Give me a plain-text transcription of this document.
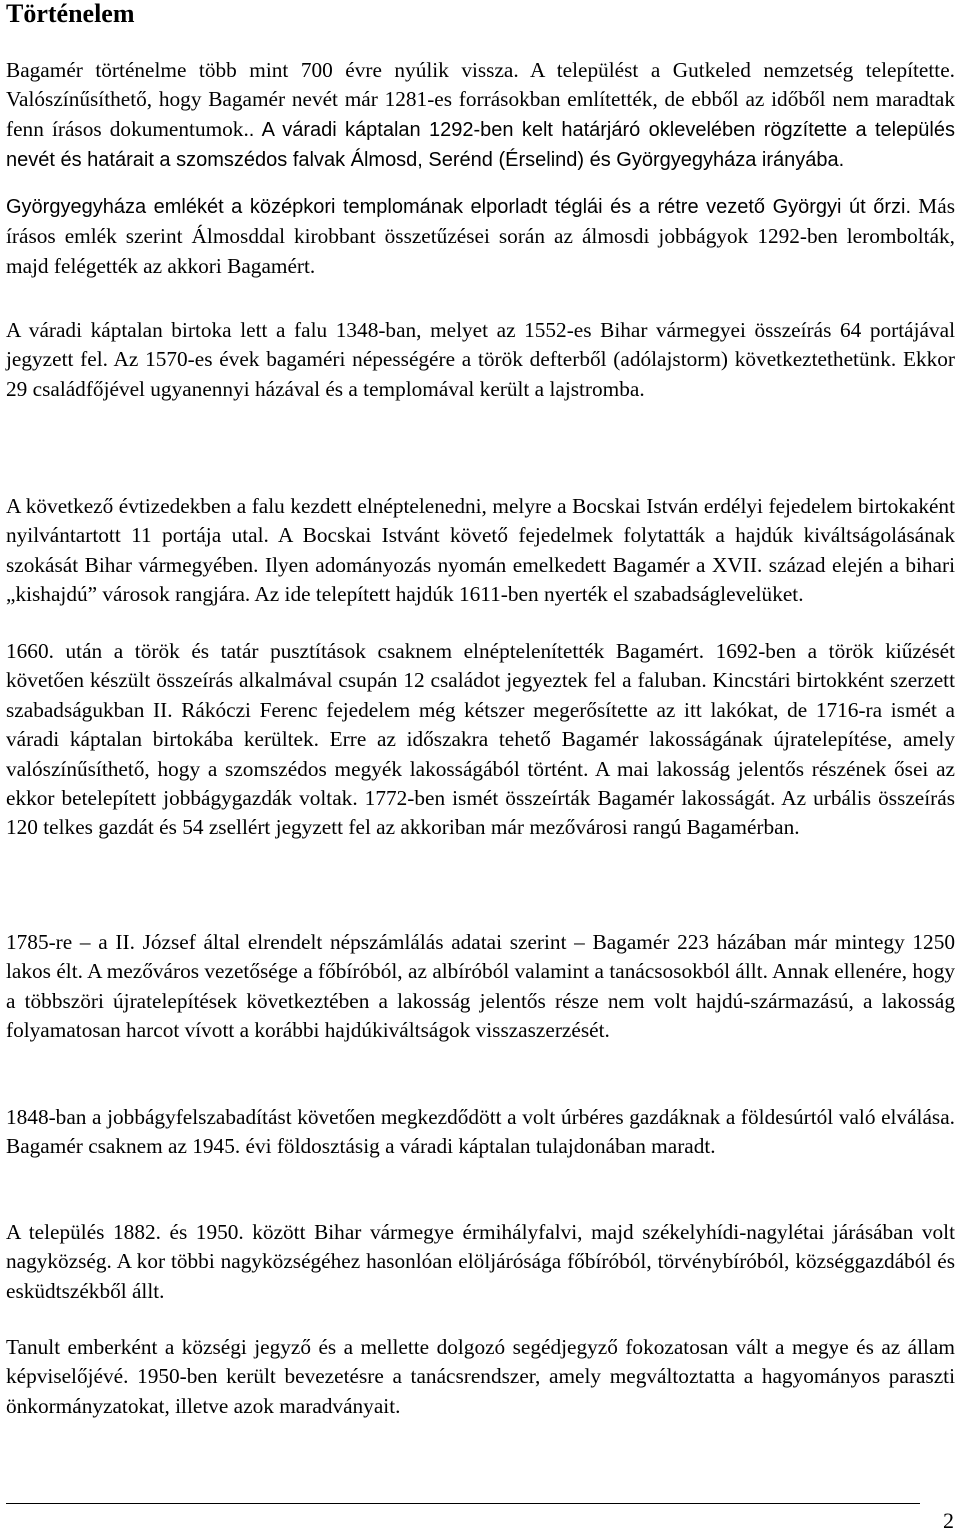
Történelem

Bagamér történelme több mint 700 évre nyúlik vissza. A települést a Gutkeled nemzetség telepítette. Valószínűsíthető, hogy Bagamér nevét már 1281-es forrásokban említették, de ebből az időből nem maradtak fenn írásos dokumentumok.. A váradi káptalan 1292-ben kelt határjáró oklevelében rögzítette a település nevét és határait a szomszédos falvak Álmosd, Serénd (Érselind) és Györgyegyháza irányába.

Györgyegyháza emlékét a középkori templomának elporladt téglái és a rétre vezető Györgyi út őrzi. Más írásos emlék szerint Álmosddal kirobbant összetűzései során az álmosdi jobbágyok 1292-ben lerombolták, majd felégették az akkori Bagamért.

A váradi káptalan birtoka lett a falu 1348-ban, melyet az 1552-es Bihar vármegyei összeírás 64 portájával jegyzett fel. Az 1570-es évek bagaméri népességére a török defterből (adólajstorm) következtethetünk. Ekkor 29 családfőjével ugyanennyi házával és a templomával került a lajstromba.

A következő évtizedekben a falu kezdett elnéptelenedni, melyre a Bocskai István erdélyi fejedelem birtokaként nyilvántartott 11 portája utal. A Bocskai Istvánt követő fejedelmek folytatták a hajdúk kiváltságolásának szokását Bihar vármegyében. Ilyen adományozás nyomán emelkedett Bagamér a XVII. század elején a bihari „kishajdú” városok rangjára. Az ide telepített hajdúk 1611-ben nyerték el szabadságlevelüket.

1660. után a török és tatár pusztítások csaknem elnéptelenítették Bagamért. 1692-ben a török kiűzését követően készült összeírás alkalmával csupán 12 családot jegyeztek fel a faluban. Kincstári birtokként szerzett szabadságukban II. Rákóczi Ferenc fejedelem még kétszer megerősítette az itt lakókat, de 1716-ra ismét a váradi káptalan birtokába kerültek. Erre az időszakra tehető Bagamér lakosságának újratelepítése, amely valószínűsíthető, hogy a szomszédos megyék lakosságából történt. A mai lakosság jelentős részének ősei az ekkor betelepített jobbágygazdák voltak. 1772-ben ismét összeírták Bagamér lakosságát. Az urbális összeírás 120 telkes gazdát és 54 zsellért jegyzett fel az akkoriban már mezővárosi rangú Bagamérban.

1785-re – a II. József által elrendelt népszámlálás adatai szerint – Bagamér 223 házában már mintegy 1250 lakos élt. A mezőváros vezetősége a főbíróból, az albíróból valamint a tanácsosokból állt. Annak ellenére, hogy a többszöri újratelepítések következtében a lakosság jelentős része nem volt hajdú-származású, a lakosság folyamatosan harcot vívott a korábbi hajdúkiváltságok visszaszerzését.

1848-ban a jobbágyfelszabadítást követően megkezdődött a volt úrbéres gazdáknak a földesúrtól való elválása. Bagamér csaknem az 1945. évi földosztásig a váradi káptalan tulajdonában maradt.

A település 1882. és 1950. között Bihar vármegye érmihályfalvi, majd székelyhídi-nagylétai járásában volt nagyközség. A kor többi nagyközségéhez hasonlóan elöljárósága főbíróból, törvénybíróból, községgazdából és esküdtszékből állt.

Tanult emberként a községi jegyző és a mellette dolgozó segédjegyző fokozatosan vált a megye és az állam képviselőjévé. 1950-ben került bevezetésre a tanácsrendszer, amely megváltoztatta a hagyományos paraszti önkormányzatokat, illetve azok maradványait.

2
